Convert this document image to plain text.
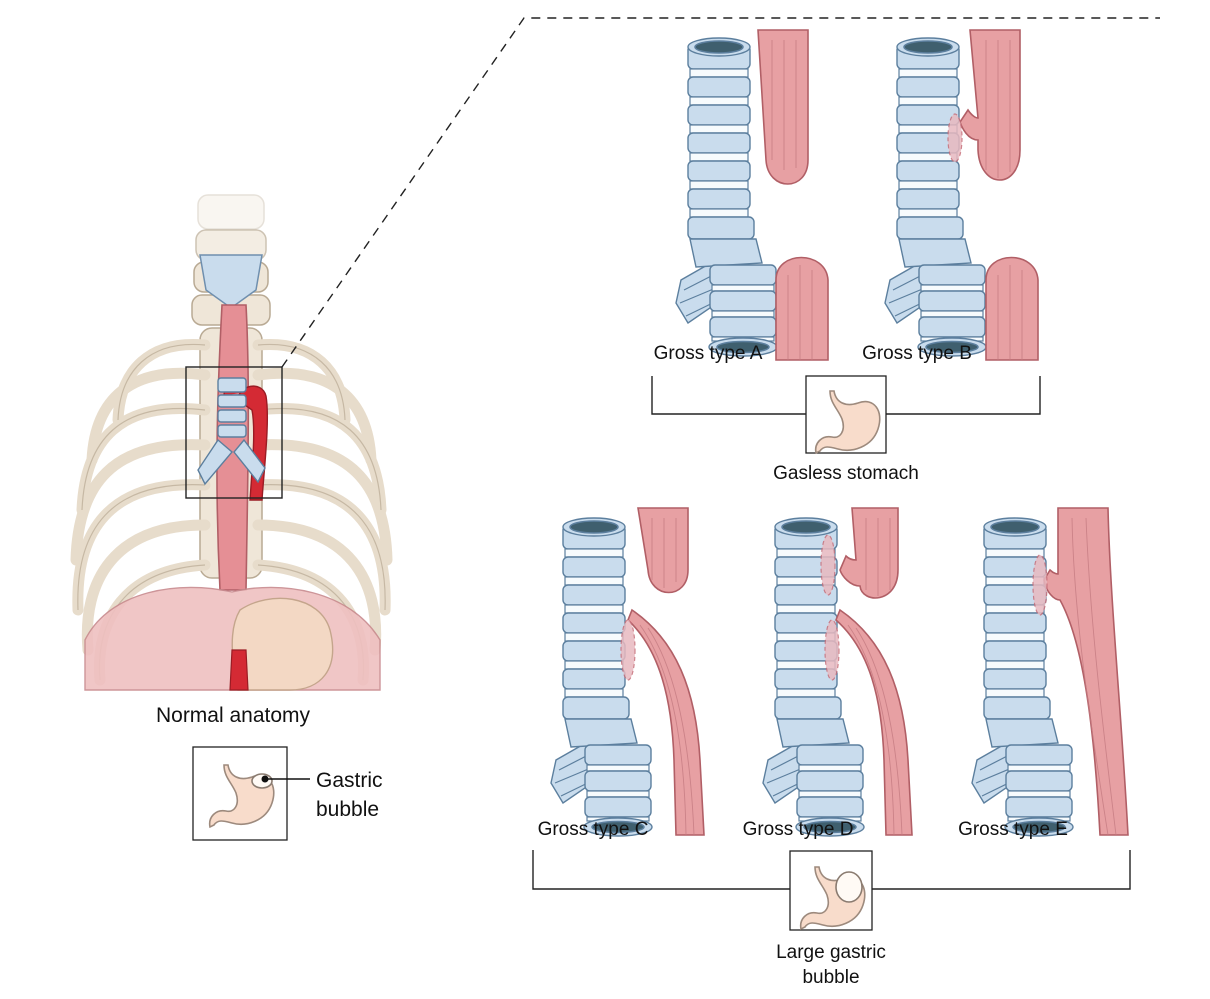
Normal anatomy
Gastric
bubble
Gross type A	Gross type B
Gasless stomach
Gross type C	Gross type D	Gross type E
Large gastric
bubble
